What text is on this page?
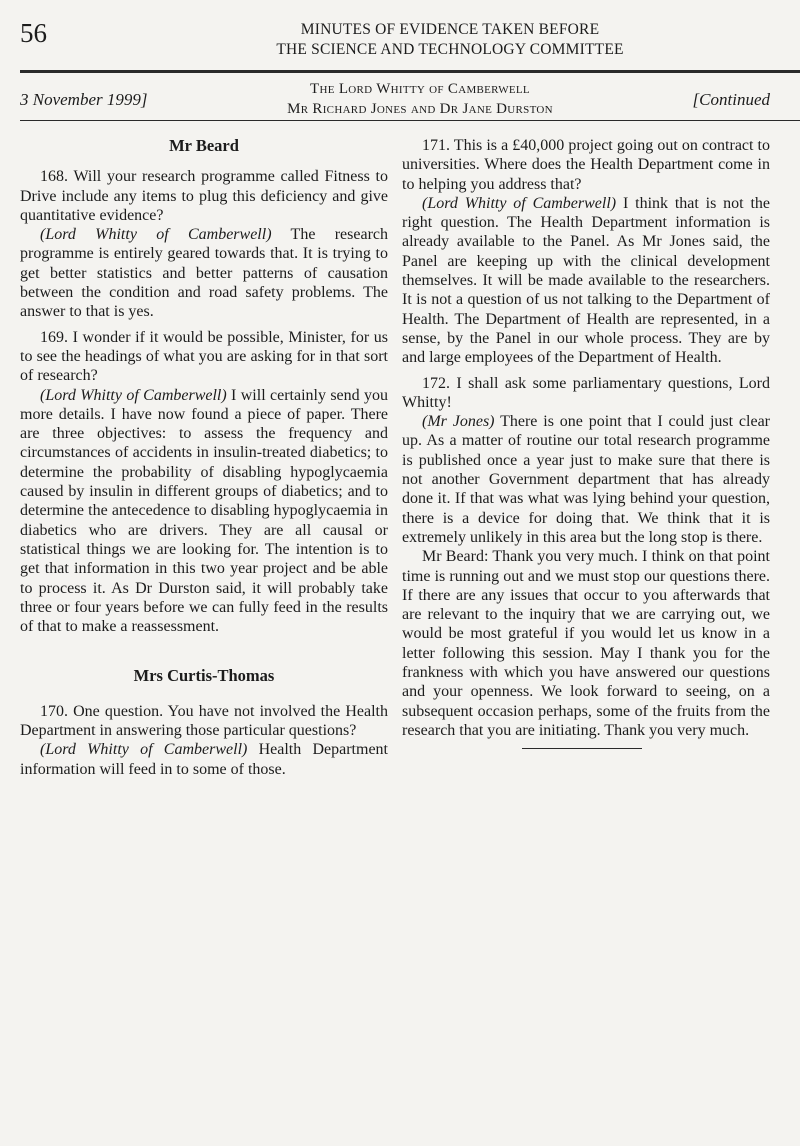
56	MINUTES OF EVIDENCE TAKEN BEFORE
THE SCIENCE AND TECHNOLOGY COMMITTEE
3 November 1999]
The Lord Whitty of Camberwell
Mr Richard Jones and Dr Jane Durston	[Continued
Mr Beard

168. Will your research programme called Fitness to Drive include any items to plug this deficiency and give quantitative evidence?

(Lord Whitty of Camberwell) The research programme is entirely geared towards that. It is trying to get better statistics and better patterns of causation between the condition and road safety problems. The answer to that is yes.

169. I wonder if it would be possible, Minister, for us to see the headings of what you are asking for in that sort of research?

(Lord Whitty of Camberwell) I will certainly send you more details. I have now found a piece of paper. There are three objectives: to assess the frequency and circumstances of accidents in insulin-treated diabetics; to determine the probability of disabling hypoglycaemia caused by insulin in different groups of diabetics; and to determine the antecedence to disabling hypoglycaemia in diabetics who are drivers. They are all causal or statistical things we are looking for. The intention is to get that information in this two year project and be able to process it. As Dr Durston said, it will probably take three or four years before we can fully feed in the results of that to make a reassessment.

Mrs Curtis-Thomas

170. One question. You have not involved the Health Department in answering those particular questions?

(Lord Whitty of Camberwell) Health Department information will feed in to some of those.

171. This is a £40,000 project going out on contract to universities. Where does the Health Department come in to helping you address that?

(Lord Whitty of Camberwell) I think that is not the right question. The Health Department information is already available to the Panel. As Mr Jones said, the Panel are keeping up with the clinical development themselves. It will be made available to the researchers. It is not a question of us not talking to the Department of Health. The Department of Health are represented, in a sense, by the Panel in our whole process. They are by and large employees of the Department of Health.

172. I shall ask some parliamentary questions, Lord Whitty!

(Mr Jones) There is one point that I could just clear up. As a matter of routine our total research programme is published once a year just to make sure that there is not another Government department that has already done it. If that was what was lying behind your question, there is a device for doing that. We think that it is extremely unlikely in this area but the long stop is there.

Mr Beard: Thank you very much. I think on that point time is running out and we must stop our questions there. If there are any issues that occur to you afterwards that are relevant to the inquiry that we are carrying out, we would be most grateful if you would let us know in a letter following this session. May I thank you for the frankness with which you have answered our questions and your openness. We look forward to seeing, on a subsequent occasion perhaps, some of the fruits from the research that you are initiating. Thank you very much.
